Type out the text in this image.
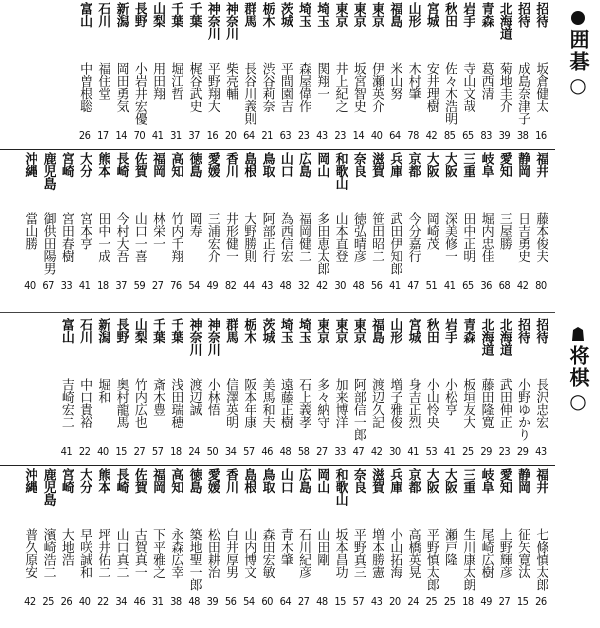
囲碁○
招待
坂倉健太
16
招待
成島奈津子
38
北海道
菊地圭介
39
青森
葛西清
83
岩手
寺山文哉
65
秋田
佐々木浩明
85
宮城
安井理樹
42
山形
木村肇
78
福島
米山努
64
東京
伊瀬英介
40
東京
坂宮智史
14
東京
井上紀之
23
埼玉
関翔一
43
埼玉
森屋偉作
23
茨城
平間園吉
63
栃木
渋谷莉奈
21
群馬
長谷川義則
64
神奈川
柴亮輔
20
神奈川
平野翔大
16
千葉
梶谷武史
37
千葉
堀江哲
31
山梨
用田翔
41
長野
小岩井宏優
70
新潟
岡田勇気
14
石川
福住堂
17
富山
中曽根聡
26
福井
藤本俊夫
80
静岡
日吉勇史
42
愛知
三屋勝
68
岐阜
堀内忠佳
36
三重
田中正明
65
大阪
深美修一
41
大阪
岡崎茂
51
京都
今分嘉行
47
兵庫
武田伊知郎
41
滋賀
笹田昭二
56
奈良
徳弘晴彦
48
和歌山
山本直登
30
岡山
多田恵太郎
42
広島
福岡健二
32
山口
為西信宏
48
鳥取
阿部正行
43
島根
大野勝則
44
香川
井形健一
82
愛媛
三浦宏介
49
徳島
岡寿
54
高知
竹内千翔
76
福岡
林栄一
27
佐賀
山口一喜
59
長崎
今村大吾
37
熊本
田中一成
18
大分
宮本亨
41
宮崎
宮田春樹
33
鹿児島
御供田陽男
67
沖縄
當山勝
40
将棋○
招待
長沢忠宏
43
招待
小野ゆかり
29
北海道
武田伸正
23
北海道
藤田隆寛
29
青森
板垣友大
25
岩手
小松亨
41
秋田
小山怜央
53
宮城
身吉正烈
41
山形
増子雅俊
30
福島
渡辺久記
42
東京
阿部信一郎
47
東京
加来博洋
33
東京
多々納守
27
埼玉
石上義孝
58
埼玉
遠藤正樹
48
茨城
美馬和夫
46
栃木
阪本年康
57
群馬
信澤英明
34
神奈川
小林悟
50
神奈川
渡辺誠
24
千葉
浅田瑞穂
18
千葉
斎木豊
57
山梨
竹内広也
27
長野
奥村龍馬
15
新潟
堀和
40
石川
中口貴裕
22
富山
吉崎宏二
41
福井
七條慎太郎
26
静岡
征矢寛汰
15
愛知
上野輝彦
27
岐阜
尾崎広樹
49
三重
生川康太朗
18
大阪
瀬戸隆
25
大阪
平野慎太郎
25
京都
高橋英晃
24
兵庫
小山拓海
20
滋賀
増本勝憲
43
奈良
平野真三
57
和歌山
坂本昌功
15
岡山
山田剛
48
広島
石川紀彦
27
山口
青木肇
64
鳥取
森田宏敏
60
島根
山内博文
54
香川
白井厚男
56
愛媛
松田耕治
39
徳島
築地聖一郎
48
高知
永森広幸
38
福岡
下平雅之
31
佐賀
古賀真一
46
長崎
山口真二
34
熊本
坪井佑二
22
大分
早咲誠和
40
宮崎
大地浩
26
鹿児島
濱崎浩二
25
沖縄
普久原安
42
